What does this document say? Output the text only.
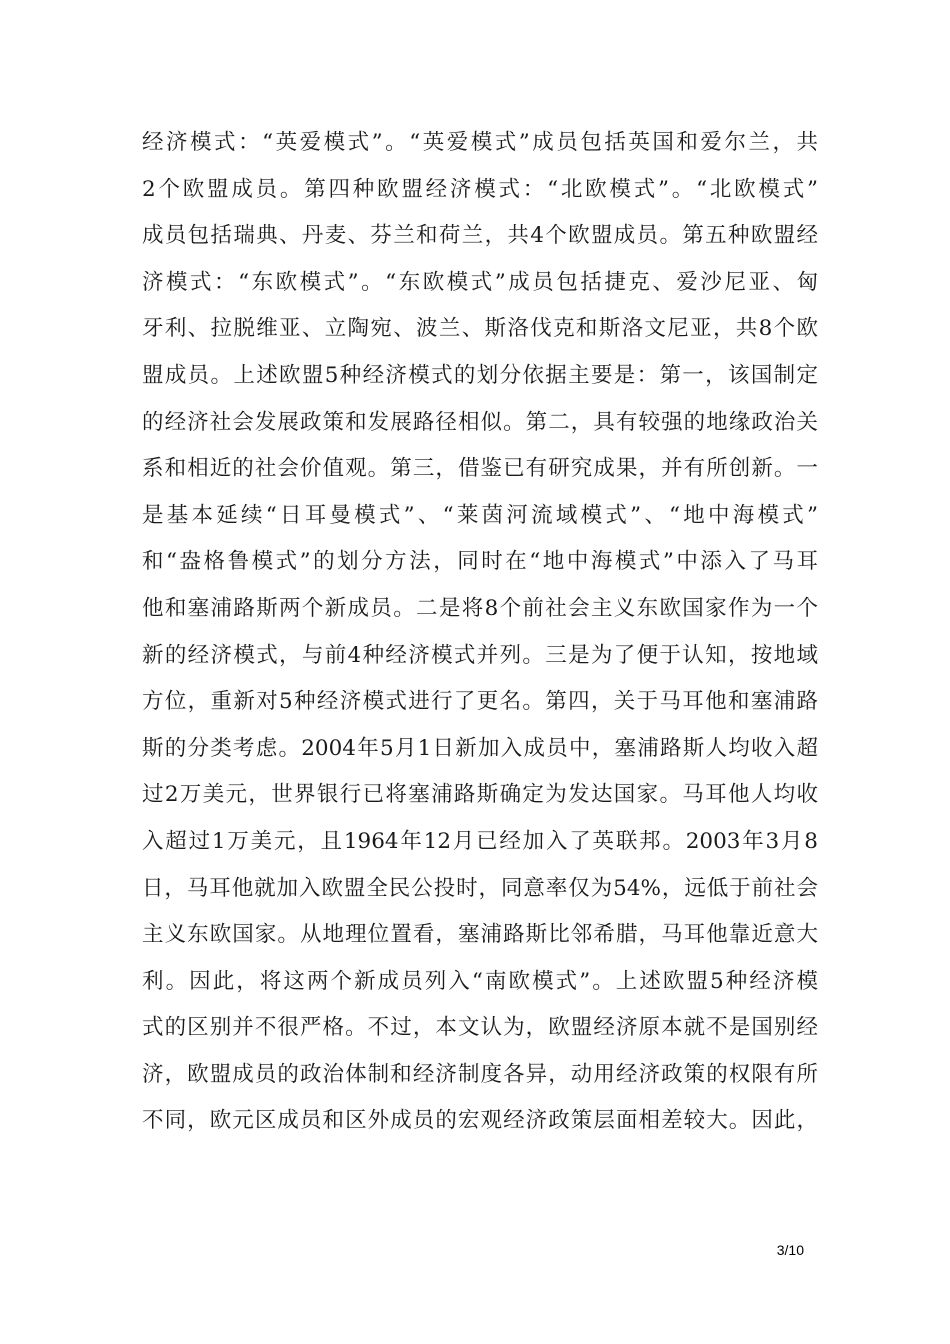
经济模式：“英爱模式”。“英爱模式”成员包括英国和爱尔兰，共
2个欧盟成员。第四种欧盟经济模式：“北欧模式”。“北欧模式”
成员包括瑞典、丹麦、芬兰和荷兰，共4个欧盟成员。第五种欧盟经
济模式：“东欧模式”。“东欧模式”成员包括捷克、爱沙尼亚、匈
牙利、拉脱维亚、立陶宛、波兰、斯洛伐克和斯洛文尼亚，共8个欧
盟成员。上述欧盟5种经济模式的划分依据主要是：第一，该国制定
的经济社会发展政策和发展路径相似。第二，具有较强的地缘政治关
系和相近的社会价值观。第三，借鉴已有研究成果，并有所创新。一
是基本延续“日耳曼模式”、“莱茵河流域模式”、“地中海模式”
和“盎格鲁模式”的划分方法，同时在“地中海模式”中添入了马耳
他和塞浦路斯两个新成员。二是将8个前社会主义东欧国家作为一个
新的经济模式，与前4种经济模式并列。三是为了便于认知，按地域
方位，重新对5种经济模式进行了更名。第四，关于马耳他和塞浦路
斯的分类考虑。2004年5月1日新加入成员中，塞浦路斯人均收入超
过2万美元，世界银行已将塞浦路斯确定为发达国家。马耳他人均收
入超过1万美元，且1964年12月已经加入了英联邦。2003年3月8
日，马耳他就加入欧盟全民公投时，同意率仅为54%，远低于前社会
主义东欧国家。从地理位置看，塞浦路斯比邻希腊，马耳他靠近意大
利。因此，将这两个新成员列入“南欧模式”。上述欧盟5种经济模
式的区别并不很严格。不过，本文认为，欧盟经济原本就不是国别经
济，欧盟成员的政治体制和经济制度各异，动用经济政策的权限有所
不同，欧元区成员和区外成员的宏观经济政策层面相差较大。因此，
3/10
